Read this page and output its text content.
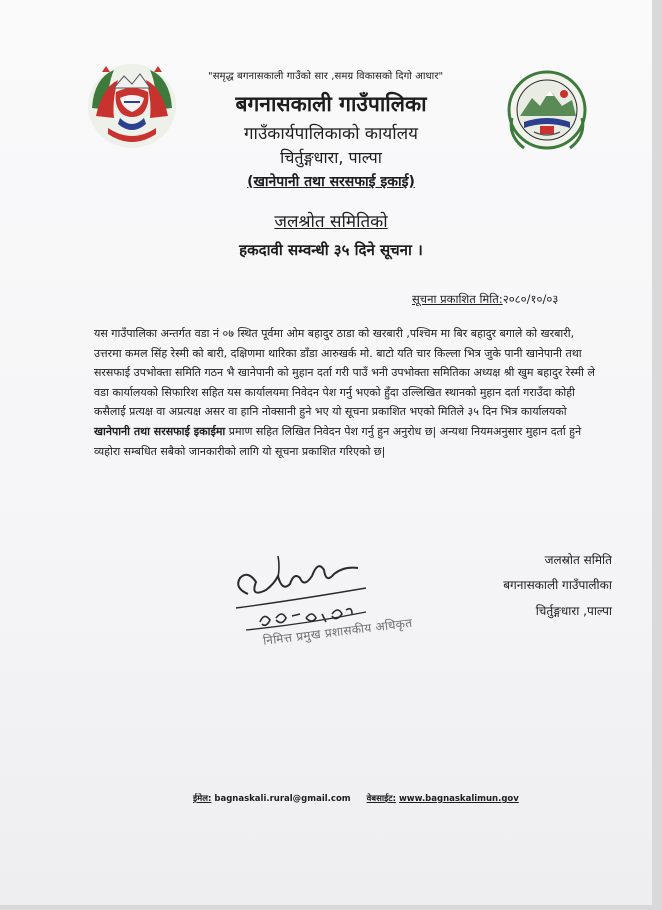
"समृद्ध बगनासकाली गाउँको सार ,समग्र विकासको दिगो आधार"
बगनासकाली गाउँपालिका
गाउँकार्यपालिकाको कार्यालय
चिर्तुङ्गधारा, पाल्पा
(खानेपानी तथा सरसफाई इकाई)
जलश्रोत समितिको
हकदावी सम्वन्धी ३५ दिने सूचना ।
सूचना प्रकाशित मिति:२०८०/१०/०३
यस गाउँपालिका अन्तर्गत वडा नं ०७ स्थित पूर्वमा ओम बहादुर ठाडा को खरबारी ,पश्चिम मा बिर बहादुर बगाले को खरबारी, उत्तरमा कमल सिंह रेस्मी को बारी, दक्षिणमा थारिका डाँडा आरुखर्क मो. बाटो यति चार किल्ला भित्र जुके पानी खानेपानी तथा सरसफाई उपभोक्ता समिति गठन भै खानेपानी को मुहान दर्ता गरी पाउँ भनी उपभोक्ता समितिका अध्यक्ष श्री खुम बहादुर रेस्मी ले वडा कार्यालयको सिफारिश सहित यस कार्यालयमा निवेदन पेश गर्नु भएको हुँदा उल्लिखित स्थानको मुहान दर्ता गराउँदा कोही कसैलाई प्रत्यक्ष वा अप्रत्यक्ष असर वा हानि नोक्सानी हुने भए यो सूचना प्रकाशित भएको मितिले ३५ दिन भित्र कार्यालयको खानेपानी तथा सरसफाई इकाईमा प्रमाण सहित लिखित निवेदन पेश गर्नु हुन अनुरोध छ| अन्यथा नियमअनुसार मुहान दर्ता हुने व्यहोरा सम्बधित सबैको जानकारीको लागि यो सूचना प्रकाशित गरिएको छ|
जलस्रोत समिति
बगनासकाली गाउँपालीका
चिर्तुङ्गधारा ,पाल्पा
निमित्त प्रमुख प्रशासकीय अधिकृत
ईमेल: bagnaskali.rural@gmail.com वेबसाईट: www.bagnaskalimun.gov
